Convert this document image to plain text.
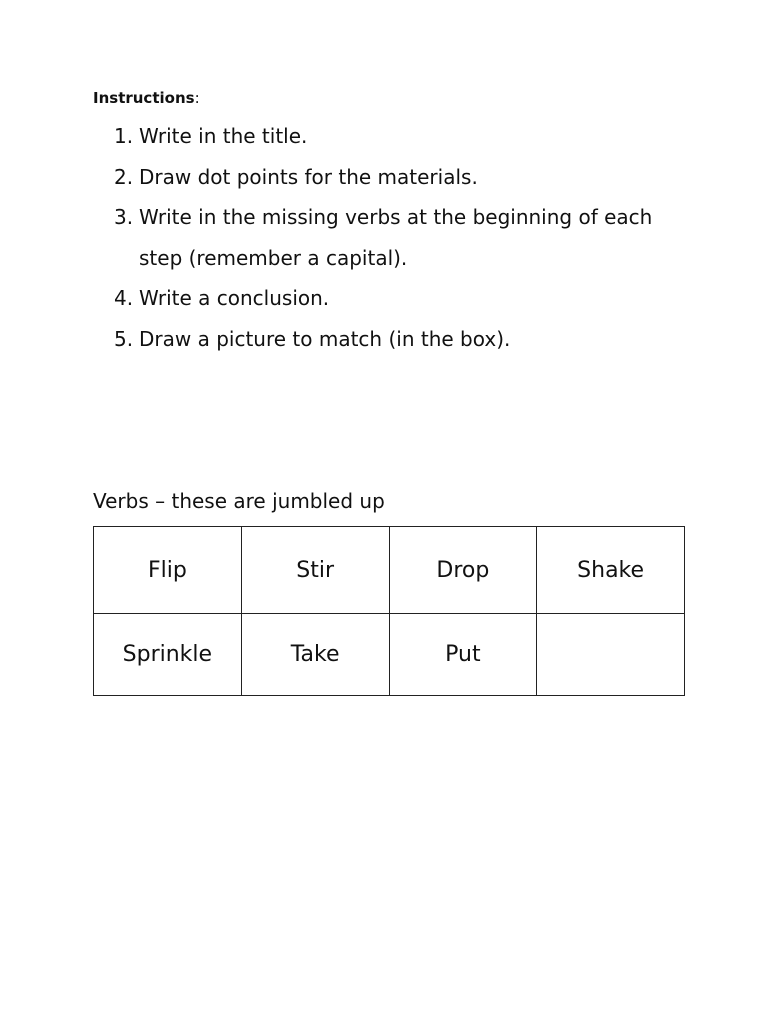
Instructions:
1. Write in the title.
2. Draw dot points for the materials.
3. Write in the missing verbs at the beginning of each step (remember a capital).
4. Write a conclusion.
5. Draw a picture to match (in the box).
Verbs – these are jumbled up
Flip	Stir	Drop	Shake
Sprinkle	Take	Put	
